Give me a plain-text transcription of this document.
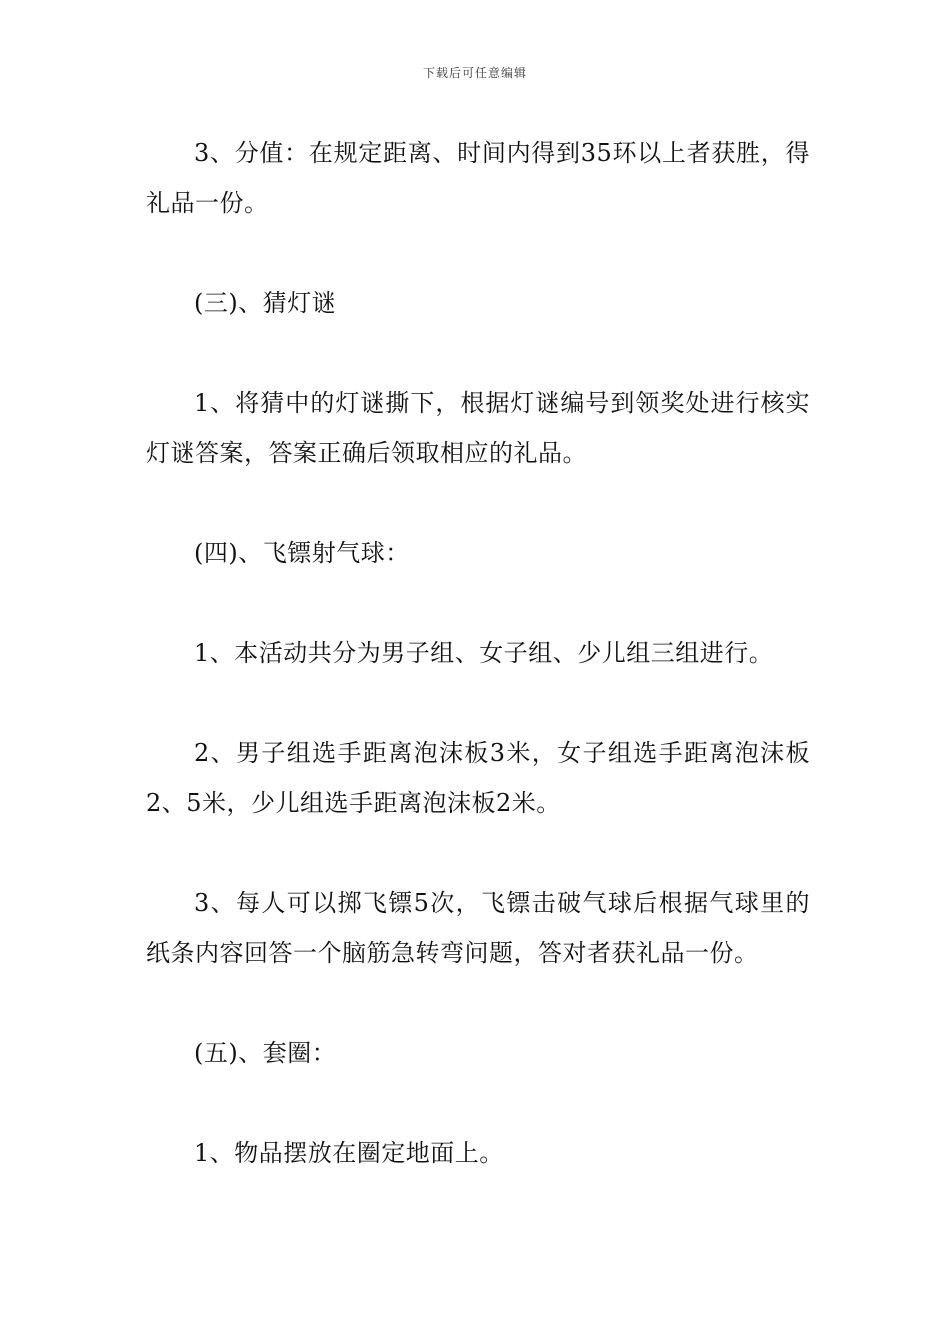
下载后可任意编辑

3、分值：在规定距离、时间内得到35环以上者获胜，得礼品一份。

(三)、猜灯谜

1、将猜中的灯谜撕下，根据灯谜编号到领奖处进行核实灯谜答案，答案正确后领取相应的礼品。

(四)、飞镖射气球：

1、本活动共分为男子组、女子组、少儿组三组进行。

2、男子组选手距离泡沫板3米，女子组选手距离泡沫板2、5米，少儿组选手距离泡沫板2米。

3、每人可以掷飞镖5次，飞镖击破气球后根据气球里的纸条内容回答一个脑筋急转弯问题，答对者获礼品一份。

(五)、套圈：

1、物品摆放在圈定地面上。
